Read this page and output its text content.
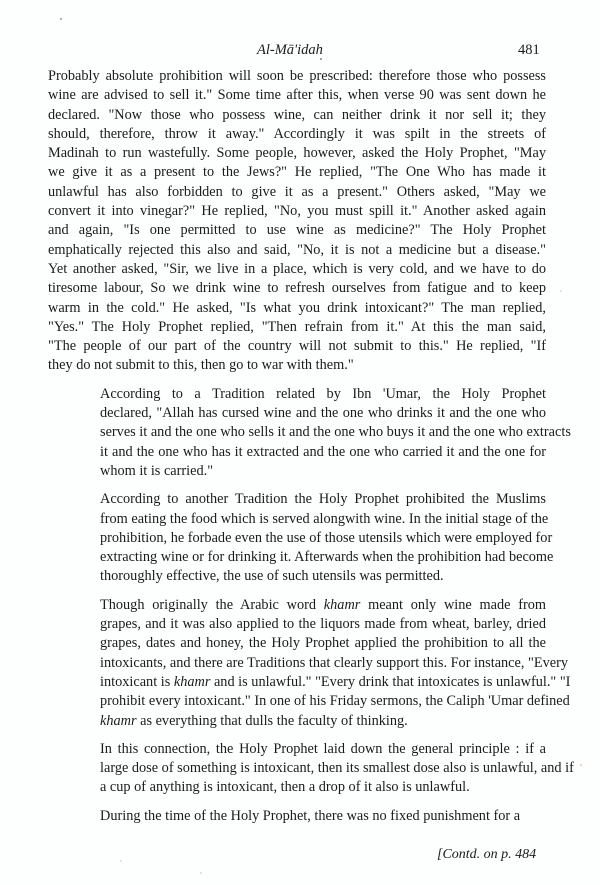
Al-Mā'idah	481

Probably absolute prohibition will soon be prescribed: therefore those who possess
wine are advised to sell it." Some time after this, when verse 90 was sent down he
declared. "Now those who possess wine, can neither drink it nor sell it; they
should, therefore, throw it away." Accordingly it was spilt in the streets of
Madinah to run wastefully. Some people, however, asked the Holy Prophet, "May
we give it as a present to the Jews?" He replied, "The One Who has made it
unlawful has also forbidden to give it as a present." Others asked, "May we
convert it into vinegar?" He replied, "No, you must spill it." Another asked again
and again, "Is one permitted to use wine as medicine?" The Holy Prophet
emphatically rejected this also and said, "No, it is not a medicine but a disease."
Yet another asked, "Sir, we live in a place, which is very cold, and we have to do
tiresome labour, So we drink wine to refresh ourselves from fatigue and to keep
warm in the cold." He asked, "Is what you drink intoxicant?" The man replied,
"Yes." The Holy Prophet replied, "Then refrain from it." At this the man said,
"The people of our part of the country will not submit to this." He replied, "If
they do not submit to this, then go to war with them."

According to a Tradition related by Ibn 'Umar, the Holy Prophet
declared, "Allah has cursed wine and the one who drinks it and the one who
serves it and the one who sells it and the one who buys it and the one who extracts
it and the one who has it extracted and the one who carried it and the one for
whom it is carried."

According to another Tradition the Holy Prophet prohibited the Muslims
from eating the food which is served alongwith wine. In the initial stage of the
prohibition, he forbade even the use of those utensils which were employed for
extracting wine or for drinking it. Afterwards when the prohibition had become
thoroughly effective, the use of such utensils was permitted.

Though originally the Arabic word khamr meant only wine made from
grapes, and it was also applied to the liquors made from wheat, barley, dried
grapes, dates and honey, the Holy Prophet applied the prohibition to all the
intoxicants, and there are Traditions that clearly support this. For instance, "Every
intoxicant is khamr and is unlawful." "Every drink that intoxicates is unlawful." "I
prohibit every intoxicant." In one of his Friday sermons, the Caliph 'Umar defined
khamr as everything that dulls the faculty of thinking.

In this connection, the Holy Prophet laid down the general principle : if a
large dose of something is intoxicant, then its smallest dose also is unlawful, and if
a cup of anything is intoxicant, then a drop of it also is unlawful.

During the time of the Holy Prophet, there was no fixed punishment for a

[Contd. on p. 484
